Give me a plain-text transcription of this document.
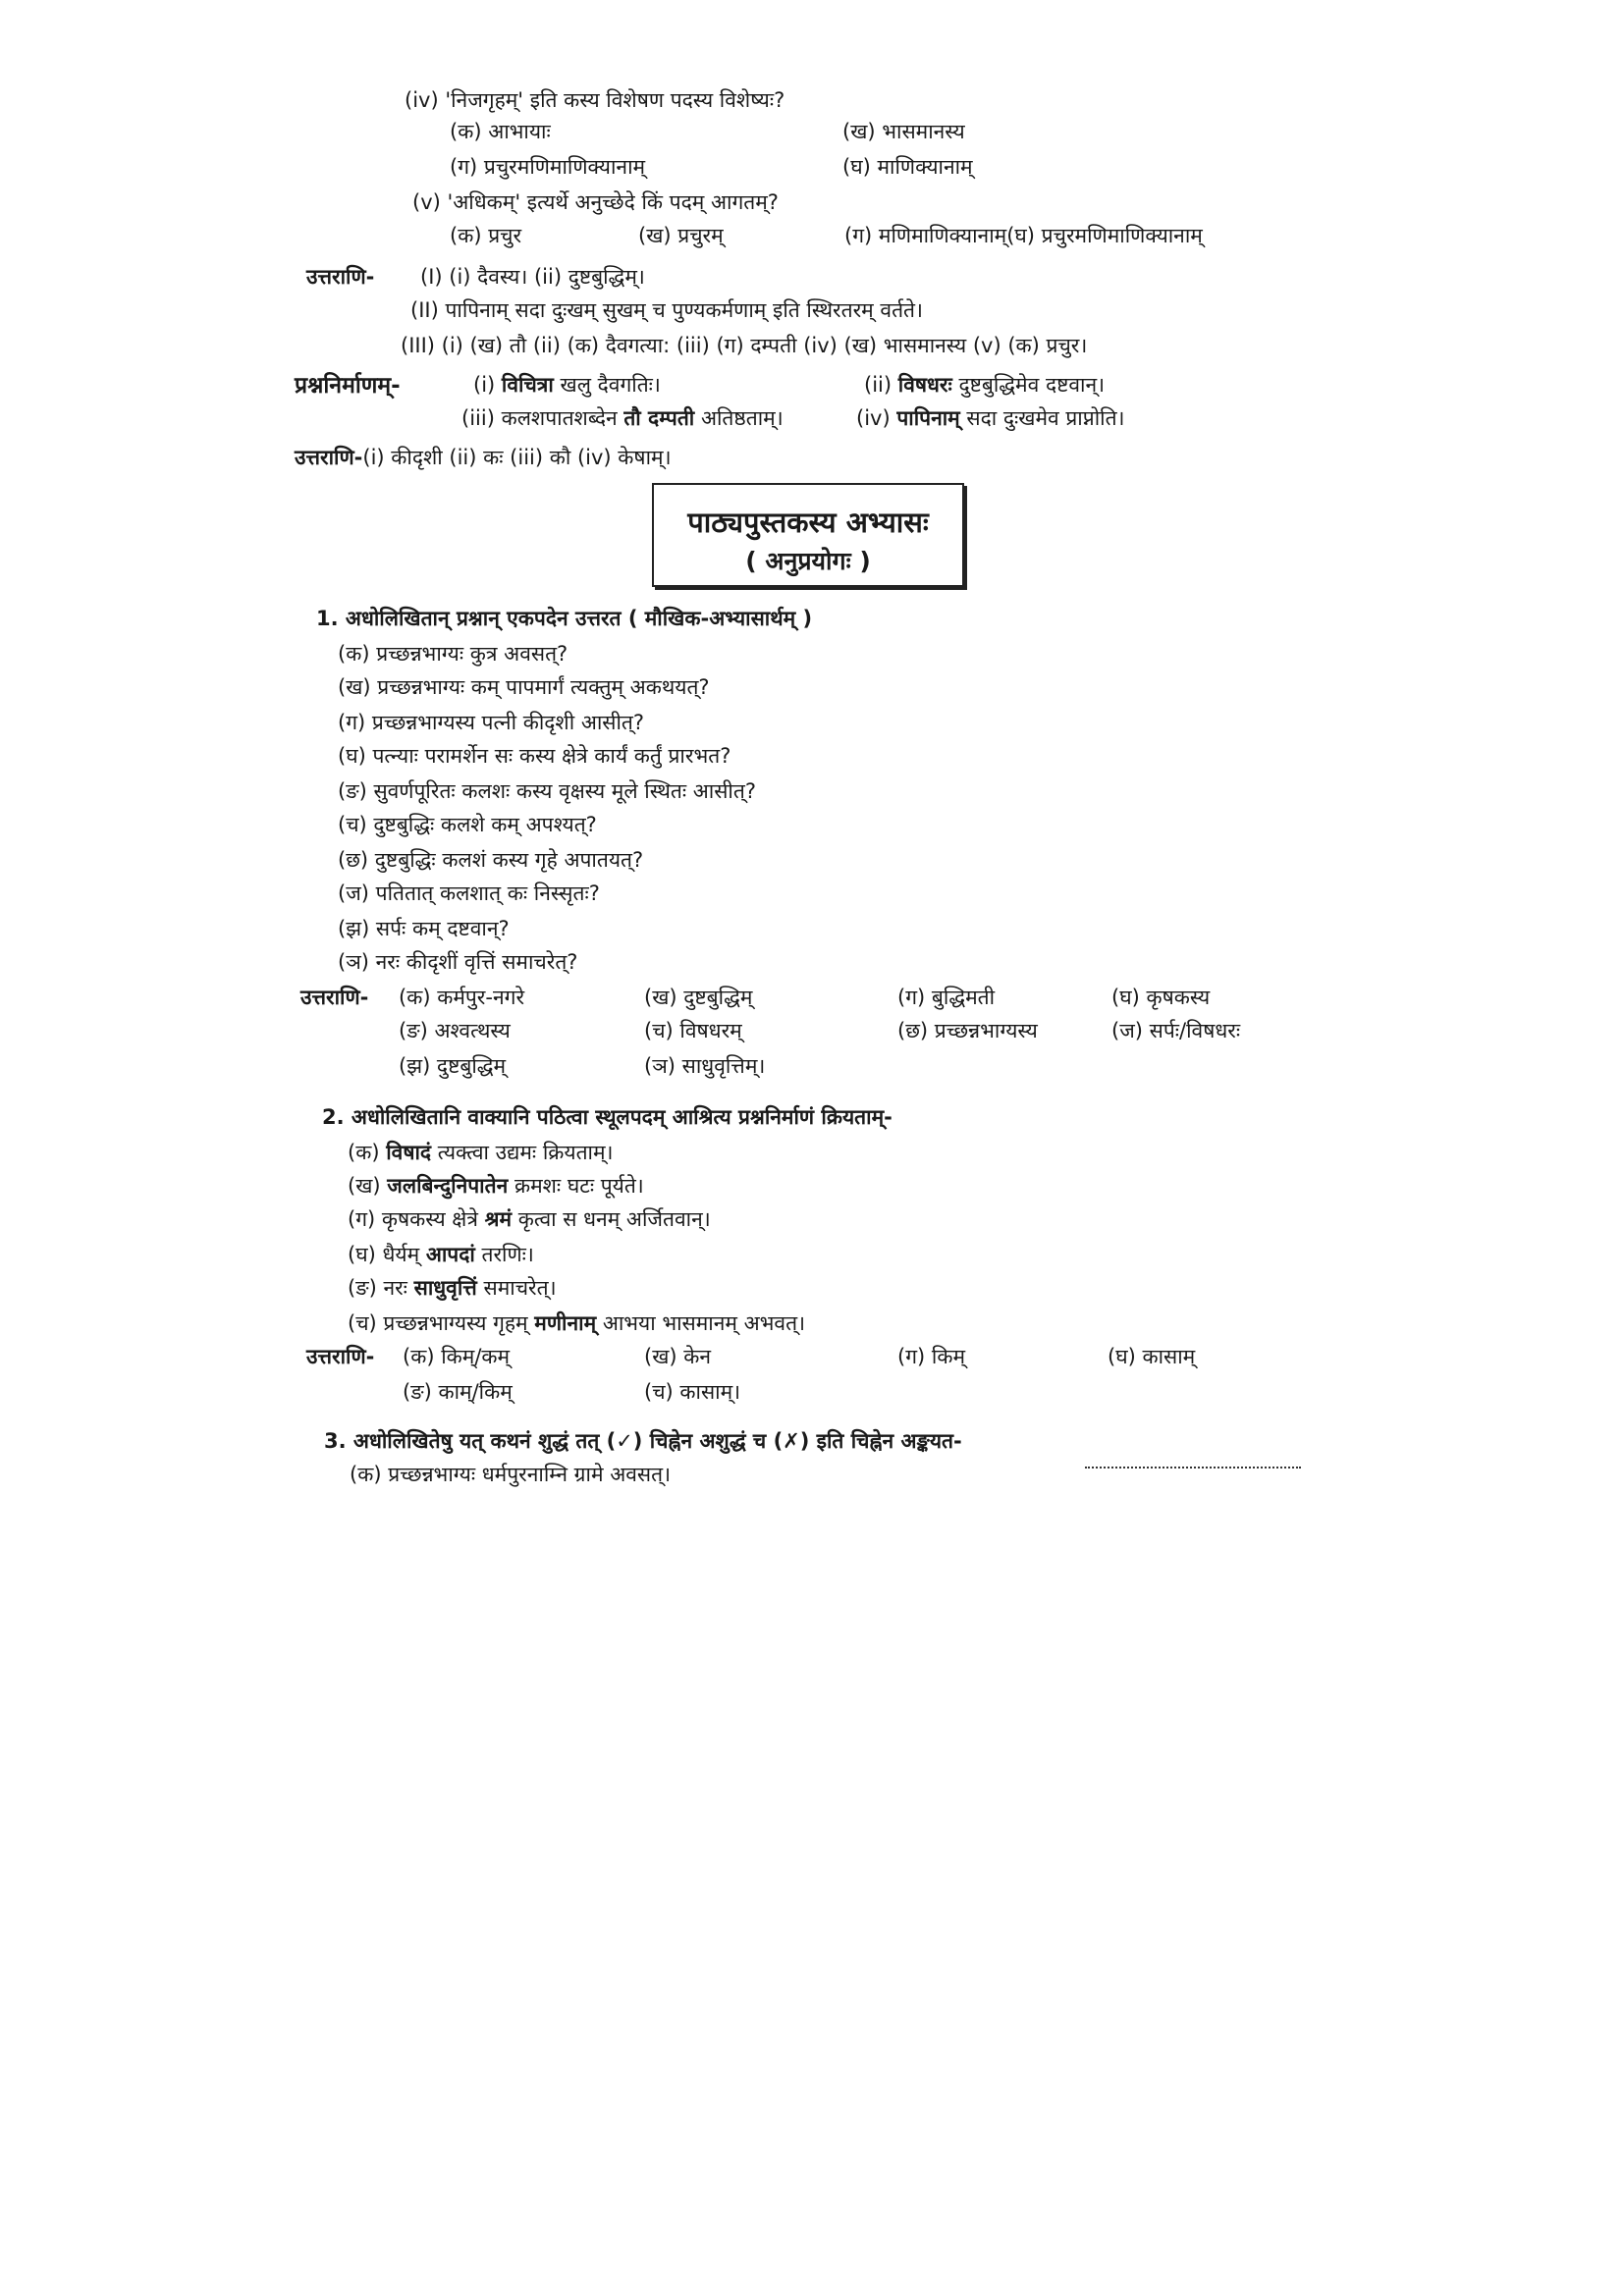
(iv) 'निजगृहम्' इति कस्य विशेषण पदस्य विशेष्यः?
(क) आभायाः	(ख) भासमानस्य
(ग) प्रचुरमणिमाणिक्यानाम्	(घ) माणिक्यानाम्
(v) 'अधिकम्' इत्यर्थे अनुच्छेदे किं पदम् आगतम्?
(क) प्रचुर	(ख) प्रचुरम्	(ग) मणिमाणिक्यानाम्(घ) प्रचुरमणिमाणिक्यानाम्
उत्तराणि- (I) (i) दैवस्य। (ii) दुष्टबुद्धिम्।
(II) पापिनाम् सदा दुःखम् सुखम् च पुण्यकर्मणाम् इति स्थिरतरम् वर्तते।
(III) (i) (ख) तौ (ii) (क) दैवगत्या: (iii) (ग) दम्पती (iv) (ख) भासमानस्य (v) (क) प्रचुर।
प्रश्ननिर्माणम्-	(i) विचित्रा खलु दैवगतिः।	(ii) विषधरः दुष्टबुद्धिमेव दष्टवान्।
(iii) कलशपातशब्देन तौ दम्पती अतिष्ठताम्।	(iv) पापिनाम् सदा दुःखमेव प्राप्नोति।
उत्तराणि-(i) कीदृशी (ii) कः (iii) कौ (iv) केषाम्।
पाठ्यपुस्तकस्य अभ्यासः
( अनुप्रयोगः )
1. अधोलिखितान् प्रश्नान् एकपदेन उत्तरत ( मौखिक-अभ्यासार्थम् )
(क) प्रच्छन्नभाग्यः कुत्र अवसत्?
(ख) प्रच्छन्नभाग्यः कम् पापमार्गं त्यक्तुम् अकथयत्?
(ग) प्रच्छन्नभाग्यस्य पत्नी कीदृशी आसीत्?
(घ) पत्न्याः परामर्शेन सः कस्य क्षेत्रे कार्यं कर्तुं प्रारभत?
(ङ) सुवर्णपूरितः कलशः कस्य वृक्षस्य मूले स्थितः आसीत्?
(च) दुष्टबुद्धिः कलशे कम् अपश्यत्?
(छ) दुष्टबुद्धिः कलशं कस्य गृहे अपातयत्?
(ज) पतितात् कलशात् कः निस्सृतः?
(झ) सर्पः कम् दष्टवान्?
(ञ) नरः कीदृशीं वृत्तिं समाचरेत्?
उत्तराणि- (क) कर्मपुर-नगरे	(ख) दुष्टबुद्धिम्	(ग) बुद्धिमती	(घ) कृषकस्य
(ङ) अश्वत्थस्य	(च) विषधरम्	(छ) प्रच्छन्नभाग्यस्य	(ज) सर्पः/विषधरः
(झ) दुष्टबुद्धिम्	(ञ) साधुवृत्तिम्।
2. अधोलिखितानि वाक्यानि पठित्वा स्थूलपदम् आश्रित्य प्रश्ननिर्माणं क्रियताम्-
(क) विषादं त्यक्त्वा उद्यमः क्रियताम्।
(ख) जलबिन्दुनिपातेन क्रमशः घटः पूर्यते।
(ग) कृषकस्य क्षेत्रे श्रमं कृत्वा स धनम् अर्जितवान्।
(घ) धैर्यम् आपदां तरणिः।
(ङ) नरः साधुवृत्तिं समाचरेत्।
(च) प्रच्छन्नभाग्यस्य गृहम् मणीनाम् आभया भासमानम् अभवत्।
उत्तराणि- (क) किम्/कम्	(ख) केन	(ग) किम्	(घ) कासाम्
(ङ) काम्/किम्	(च) कासाम्।
3. अधोलिखितेषु यत् कथनं शुद्धं तत् (✓) चिह्नेन अशुद्धं च (✗) इति चिह्नेन अङ्कयत-
(क) प्रच्छन्नभाग्यः धर्मपुरनाम्नि ग्रामे अवसत्।
